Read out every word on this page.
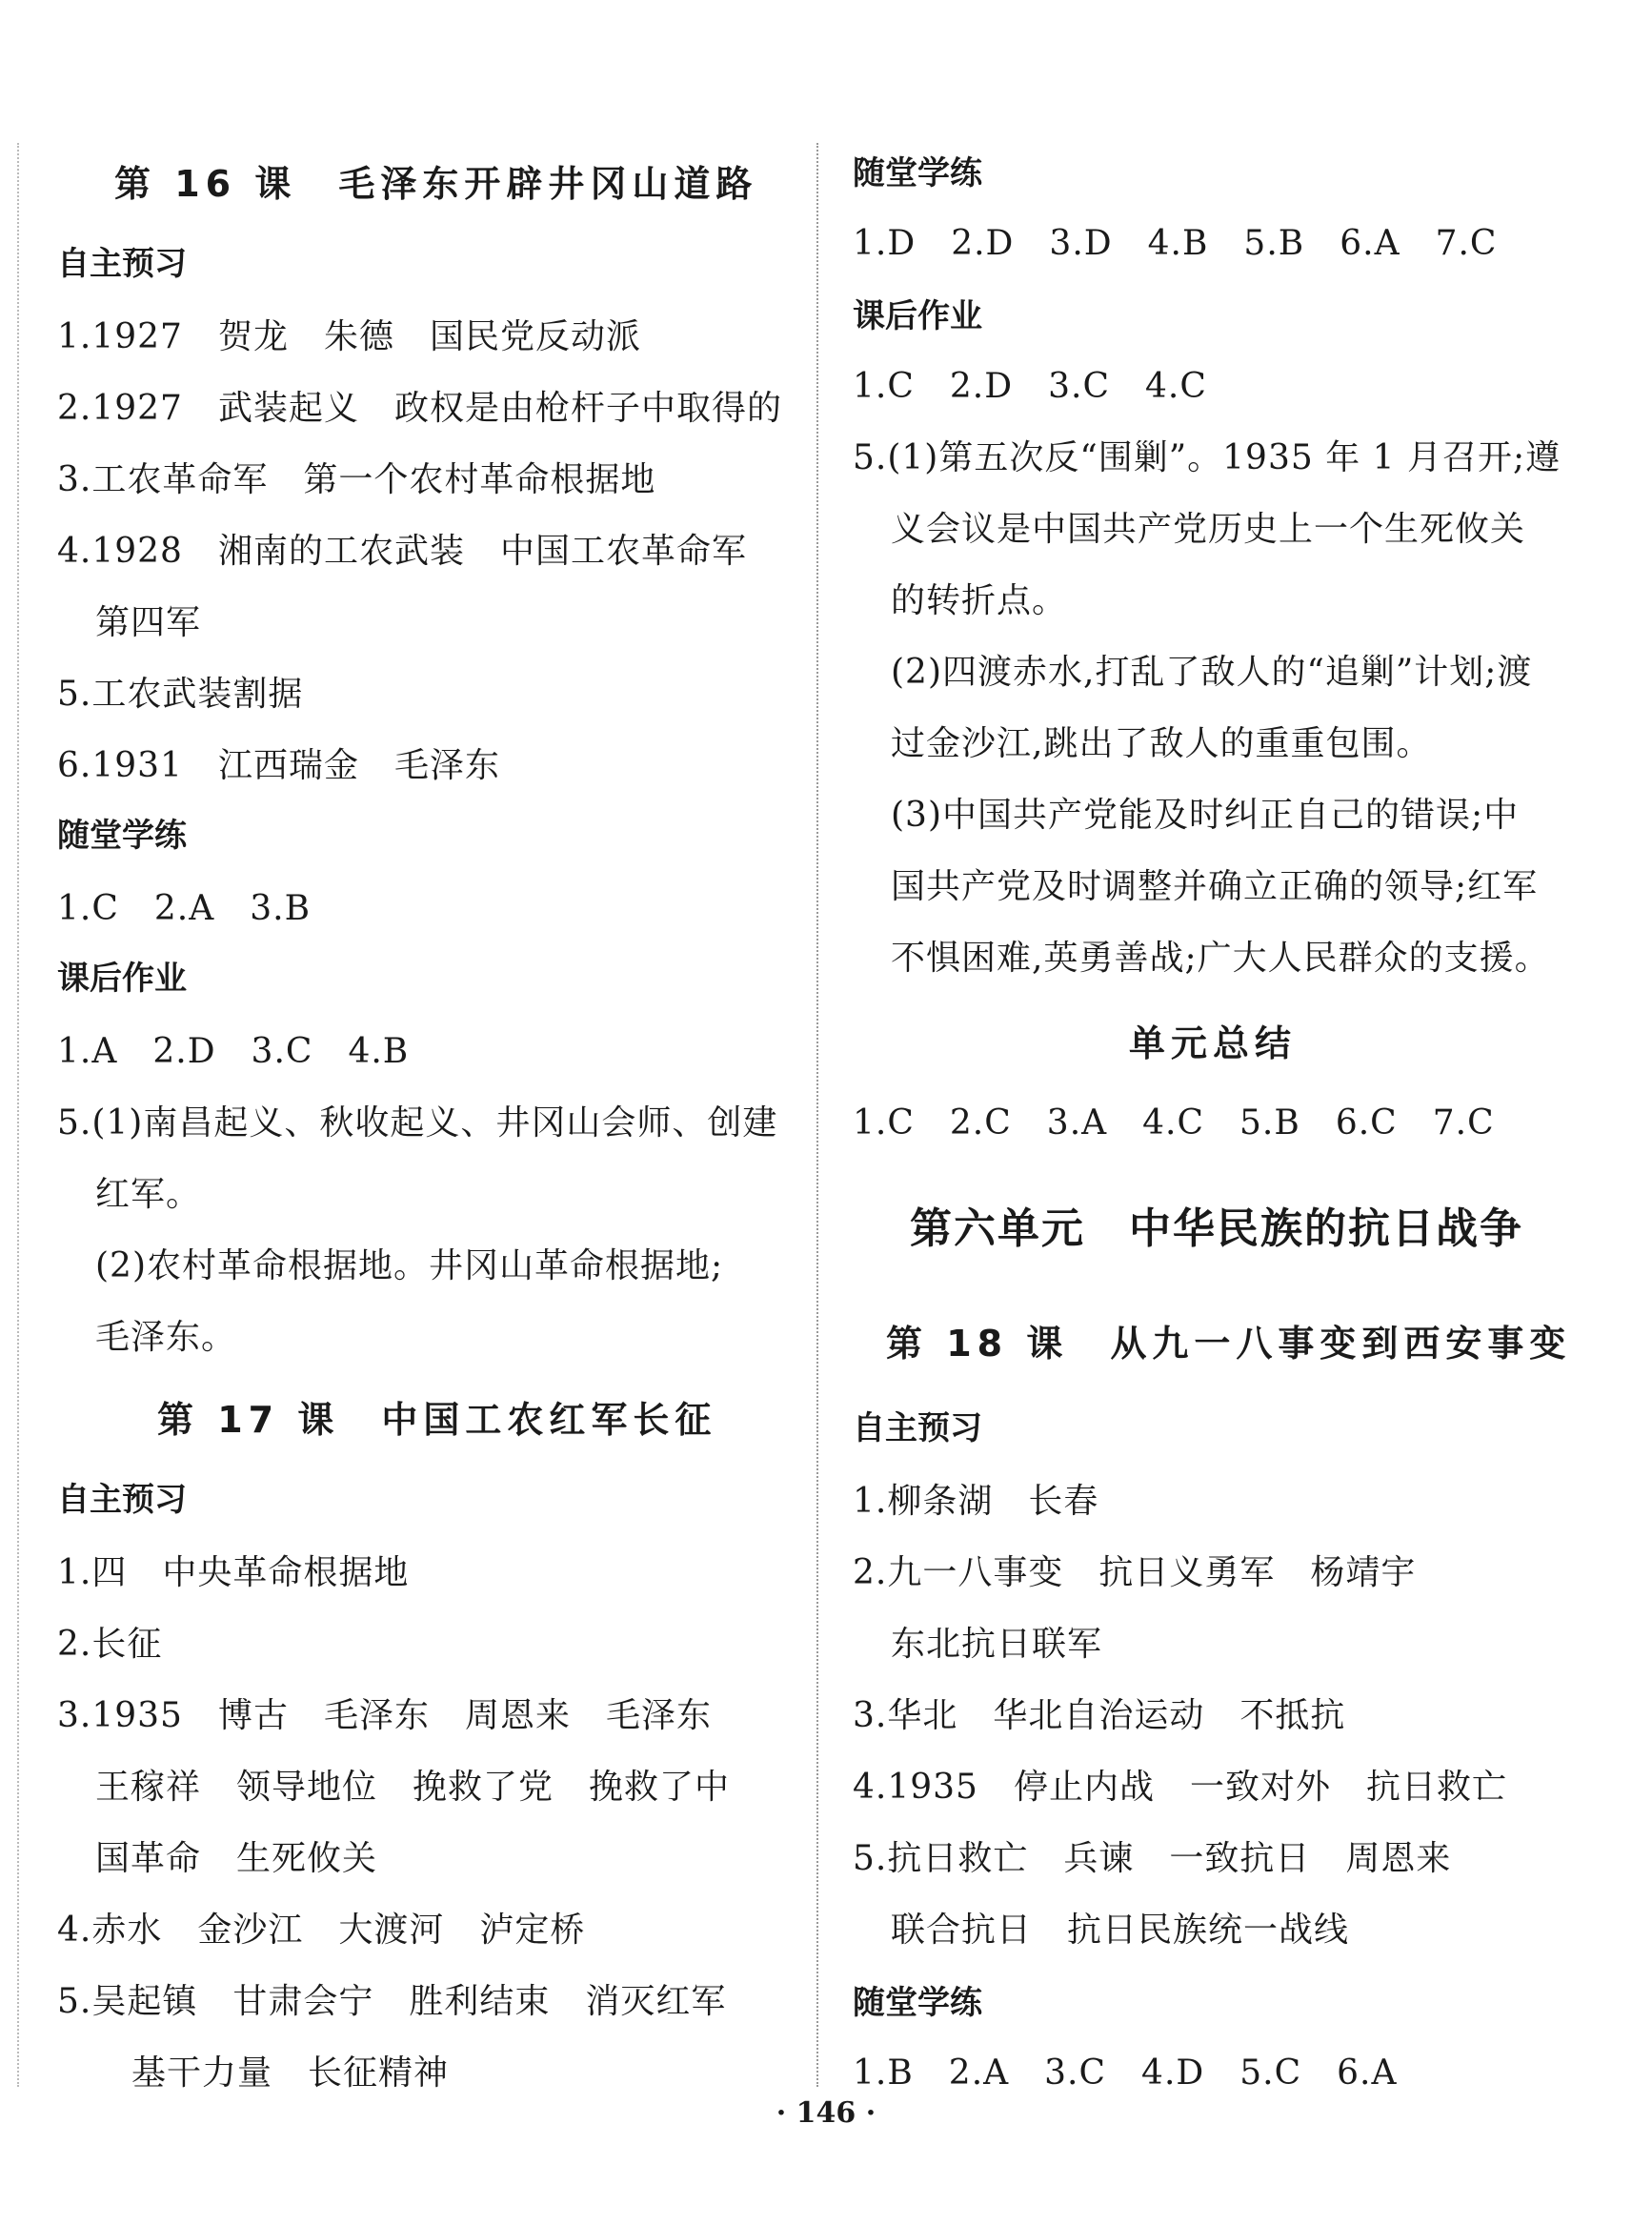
第 16 课　毛泽东开辟井冈山道路
自主预习
1.1927　贺龙　朱德　国民党反动派
2.1927　武装起义　政权是由枪杆子中取得的
3.工农革命军　第一个农村革命根据地
4.1928　湘南的工农武装　中国工农革命军
第四军
5.工农武装割据
6.1931　江西瑞金　毛泽东
随堂学练
1.C　2.A　3.B
课后作业
1.A　2.D　3.C　4.B
5.(1)南昌起义、秋收起义、井冈山会师、创建
红军。
(2)农村革命根据地。井冈山革命根据地;
毛泽东。
第 17 课　中国工农红军长征
自主预习
1.四　中央革命根据地
2.长征
3.1935　博古　毛泽东　周恩来　毛泽东
王稼祥　领导地位　挽救了党　挽救了中
国革命　生死攸关
4.赤水　金沙江　大渡河　泸定桥
5.吴起镇　甘肃会宁　胜利结束　消灭红军
基干力量　长征精神
随堂学练
1.D　2.D　3.D　4.B　5.B　6.A　7.C
课后作业
1.C　2.D　3.C　4.C
5.(1)第五次反“围剿”。1935 年 1 月召开;遵
义会议是中国共产党历史上一个生死攸关
的转折点。
(2)四渡赤水,打乱了敌人的“追剿”计划;渡
过金沙江,跳出了敌人的重重包围。
(3)中国共产党能及时纠正自己的错误;中
国共产党及时调整并确立正确的领导;红军
不惧困难,英勇善战;广大人民群众的支援。
单元总结
1.C　2.C　3.A　4.C　5.B　6.C　7.C
第六单元　中华民族的抗日战争
第 18 课　从九一八事变到西安事变
自主预习
1.柳条湖　长春
2.九一八事变　抗日义勇军　杨靖宇
东北抗日联军
3.华北　华北自治运动　不抵抗
4.1935　停止内战　一致对外　抗日救亡
5.抗日救亡　兵谏　一致抗日　周恩来
联合抗日　抗日民族统一战线
随堂学练
1.B　2.A　3.C　4.D　5.C　6.A
· 146 ·
